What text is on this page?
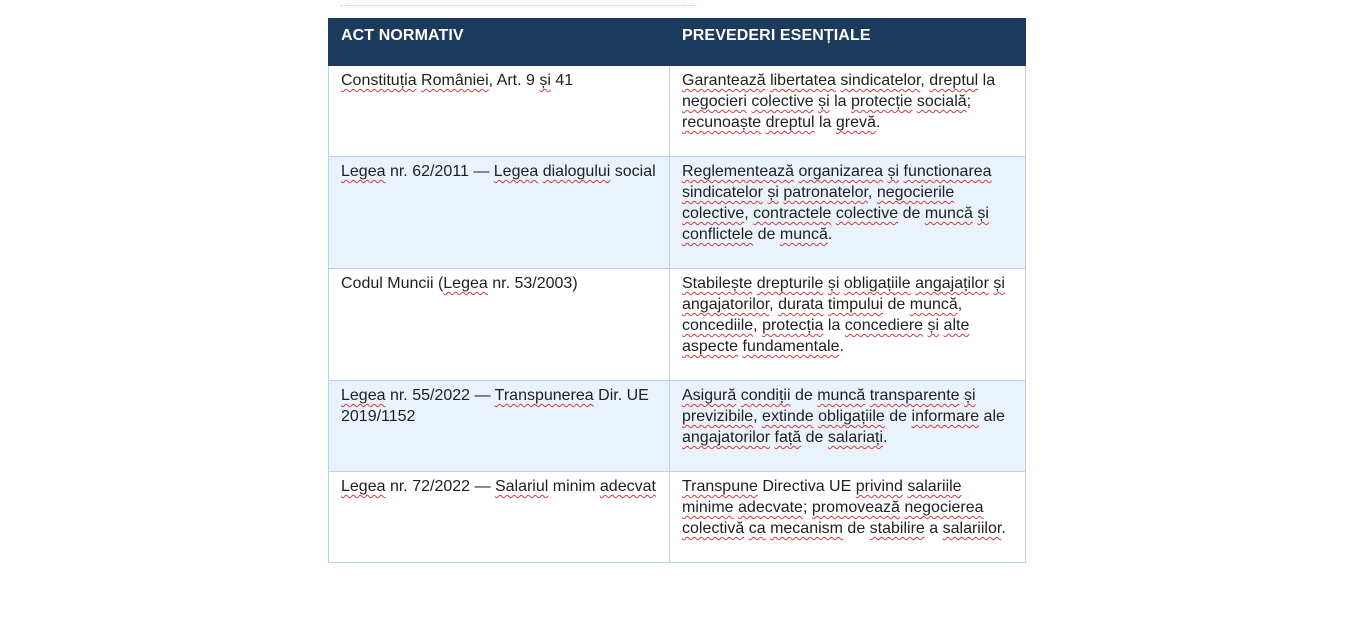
ACT NORMATIV	PREVEDERI ESENȚIALE
Constituția României, Art. 9 și 41	Garantează libertatea sindicatelor, dreptul la negocieri colective și la protecție socială; recunoaște dreptul la grevă.
Legea nr. 62/2011 — Legea dialogului social	Reglementează organizarea și functionarea sindicatelor și patronatelor, negocierile colective, contractele colective de muncă și conflictele de muncă.
Codul Muncii (Legea nr. 53/2003)	Stabilește drepturile și obligațiile angajaților și angajatorilor, durata timpului de muncă, concediile, protecția la concediere și alte aspecte fundamentale.
Legea nr. 55/2022 — Transpunerea Dir. UE 2019/1152	Asigură condiții de muncă transparente și previzibile, extinde obligațiile de informare ale angajatorilor față de salariați.
Legea nr. 72/2022 — Salariul minim adecvat	Transpune Directiva UE privind salariile minime adecvate; promovează negocierea colectivă ca mecanism de stabilire a salariilor.
